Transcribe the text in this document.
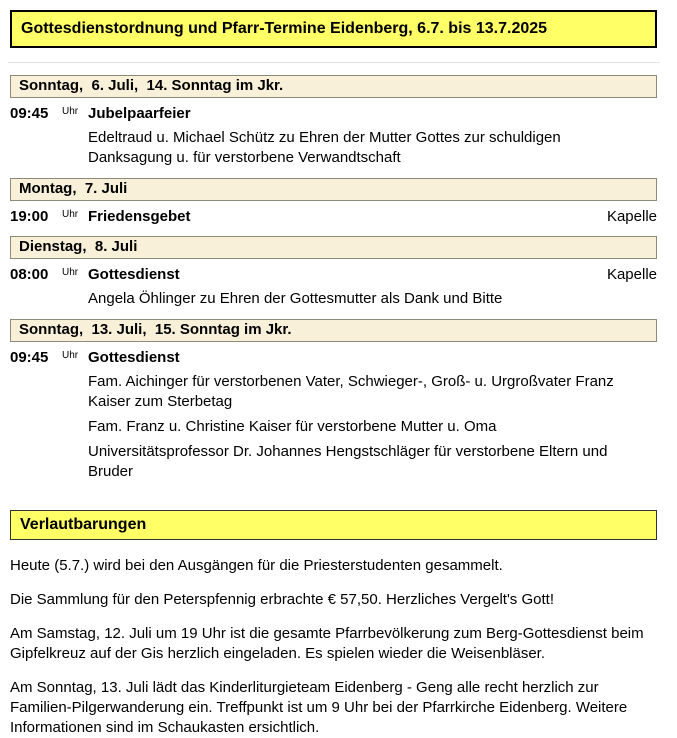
Gottesdienstordnung und Pfarr-Termine Eidenberg, 6.7. bis 13.7.2025
Sonntag,  6. Juli,  14. Sonntag im Jkr.
09:45	Uhr Jubelpaarfeier

Edeltraud u. Michael Schütz zu Ehren der Mutter Gottes zur schuldigen Danksagung u. für verstorbene Verwandtschaft

Montag,  7. Juli
19:00	Uhr Friedensgebet	Kapelle
Dienstag,  8. Juli
08:00	Uhr Gottesdienst	Kapelle

Angela Öhlinger zu Ehren der Gottesmutter als Dank und Bitte

Sonntag,  13. Juli,  15. Sonntag im Jkr.
09:45	Uhr Gottesdienst

Fam. Aichinger für verstorbenen Vater, Schwieger-, Groß- u. Urgroßvater Franz Kaiser zum Sterbetag

Fam. Franz u. Christine Kaiser für verstorbene Mutter u. Oma

Universitätsprofessor Dr. Johannes Hengstschläger für verstorbene Eltern und Bruder

Verlautbarungen

Heute (5.7.) wird bei den Ausgängen für die Priesterstudenten gesammelt.

Die Sammlung für den Peterspfennig erbrachte € 57,50. Herzliches Vergelt's Gott!

Am Samstag, 12. Juli um 19 Uhr ist die gesamte Pfarrbevölkerung zum Berg-Gottesdienst beim Gipfelkreuz auf der Gis herzlich eingeladen. Es spielen wieder die Weisenbläser.

Am Sonntag, 13. Juli lädt das Kinderliturgieteam Eidenberg - Geng alle recht herzlich zur Familien-Pilgerwanderung ein. Treffpunkt ist um 9 Uhr bei der Pfarrkirche Eidenberg. Weitere Informationen sind im Schaukasten ersichtlich.
